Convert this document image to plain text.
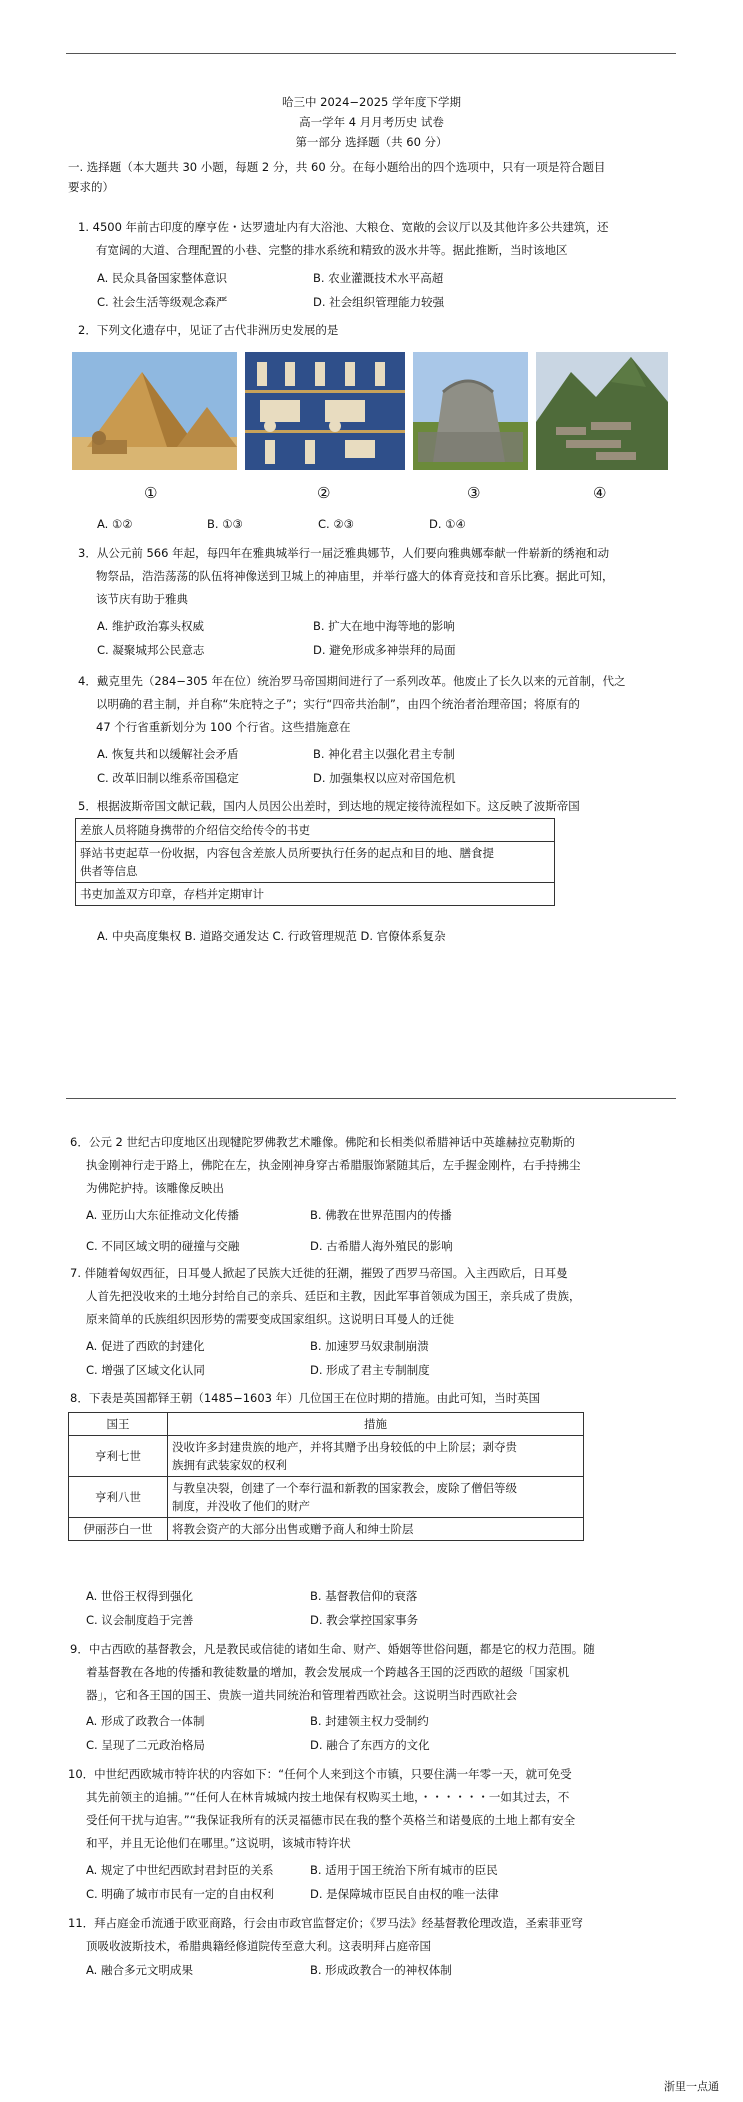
哈三中 2024−2025 学年度下学期
高一学年 4 月月考历史 试卷
第一部分 选择题（共 60 分）
一. 选择题（本大题共 30 小题，每题 2 分，共 60 分。在每小题给出的四个选项中，只有一项是符合题目
要求的）
1. 4500 年前古印度的摩亨佐・达罗遗址内有大浴池、大粮仓、宽敞的会议厅以及其他许多公共建筑，还
有宽阔的大道、合理配置的小巷、完整的排水系统和精致的汲水井等。据此推断，当时该地区
A. 民众具备国家整体意识	B. 农业灌溉技术水平高超
C. 社会生活等级观念森严	D. 社会组织管理能力较强
2．下列文化遗存中，见证了古代非洲历史发展的是
①	②	③	④
A. ①②	B. ①③	C. ②③	D. ①④
3．从公元前 566 年起，每四年在雅典城举行一届泛雅典娜节，人们要向雅典娜奉献一件崭新的绣袍和动
物祭品，浩浩荡荡的队伍将神像送到卫城上的神庙里，并举行盛大的体育竞技和音乐比赛。据此可知，
该节庆有助于雅典
A. 维护政治寡头权威	B. 扩大在地中海等地的影响
C. 凝聚城邦公民意志	D. 避免形成多神崇拜的局面
4．戴克里先（284−305 年在位）统治罗马帝国期间进行了一系列改革。他废止了长久以来的元首制，代之
以明确的君主制，并自称“朱庇特之子”；实行“四帝共治制”，由四个统治者治理帝国；将原有的
47 个行省重新划分为 100 个行省。这些措施意在
A. 恢复共和以缓解社会矛盾	B. 神化君主以强化君主专制
C. 改革旧制以维系帝国稳定	D. 加强集权以应对帝国危机
5．根据波斯帝国文献记载，国内人员因公出差时，到达地的规定接待流程如下。这反映了波斯帝国
差旅人员将随身携带的介绍信交给传令的书吏

驿站书吏起草一份收据，内容包含差旅人员所要执行任务的起点和目的地、膳食提
供者等信息

书吏加盖双方印章，存档并定期审计
A. 中央高度集权 B. 道路交通发达 C. 行政管理规范 D. 官僚体系复杂
6．公元 2 世纪古印度地区出现犍陀罗佛教艺术雕像。佛陀和长相类似希腊神话中英雄赫拉克勒斯的
执金刚神行走于路上，佛陀在左，执金刚神身穿古希腊服饰紧随其后，左手握金刚杵，右手持拂尘
为佛陀护持。该雕像反映出
A. 亚历山大东征推动文化传播	B. 佛教在世界范围内的传播
C. 不同区域文明的碰撞与交融	D. 古希腊人海外殖民的影响
7. 伴随着匈奴西征，日耳曼人掀起了民族大迁徙的狂潮，摧毁了西罗马帝国。入主西欧后，日耳曼
人首先把没收来的土地分封给自己的亲兵、廷臣和主教，因此军事首领成为国王，亲兵成了贵族，
原来简单的氏族组织因形势的需要变成国家组织。这说明日耳曼人的迁徙
A. 促进了西欧的封建化	B. 加速罗马奴隶制崩溃
C. 增强了区域文化认同	D. 形成了君主专制制度
8．下表是英国都铎王朝（1485−1603 年）几位国王在位时期的措施。由此可知，当时英国
国王	措施
亨利七世	没收许多封建贵族的地产，并将其赠予出身较低的中上阶层；剥夺贵
族拥有武装家奴的权利

亨利八世	与教皇决裂，创建了一个奉行温和新教的国家教会，废除了僧侣等级
制度，并没收了他们的财产

伊丽莎白一世	将教会资产的大部分出售或赠予商人和绅士阶层
A. 世俗王权得到强化	B. 基督教信仰的衰落
C. 议会制度趋于完善	D. 教会掌控国家事务
9．中古西欧的基督教会，凡是教民或信徒的诸如生命、财产、婚姻等世俗问题，都是它的权力范围。随
着基督教在各地的传播和教徒数量的增加，教会发展成一个跨越各王国的泛西欧的超级「国家机
器」，它和各王国的国王、贵族一道共同统治和管理着西欧社会。这说明当时西欧社会
A. 形成了政教合一体制	B. 封建领主权力受制约
C. 呈现了二元政治格局	D. 融合了东西方的文化
10．中世纪西欧城市特许状的内容如下：“任何个人来到这个市镇，只要住满一年零一天，就可免受
其先前领主的追捕。”“任何人在林肯城城内按土地保有权购买土地，・・・・・・一如其过去，不
受任何干扰与迫害。”“我保证我所有的沃灵福德市民在我的整个英格兰和诺曼底的土地上都有安全
和平，并且无论他们在哪里。”这说明，该城市特许状
A. 规定了中世纪西欧封君封臣的关系	B. 适用于国王统治下所有城市的臣民
C. 明确了城市市民有一定的自由权利	D. 是保障城市臣民自由权的唯一法律
11．拜占庭金币流通于欧亚商路，行会由市政官监督定价；《罗马法》经基督教伦理改造，圣索菲亚穹
顶吸收波斯技术，希腊典籍经修道院传至意大利。这表明拜占庭帝国
A. 融合多元文明成果	B. 形成政教合一的神权体制
浙里一点通
